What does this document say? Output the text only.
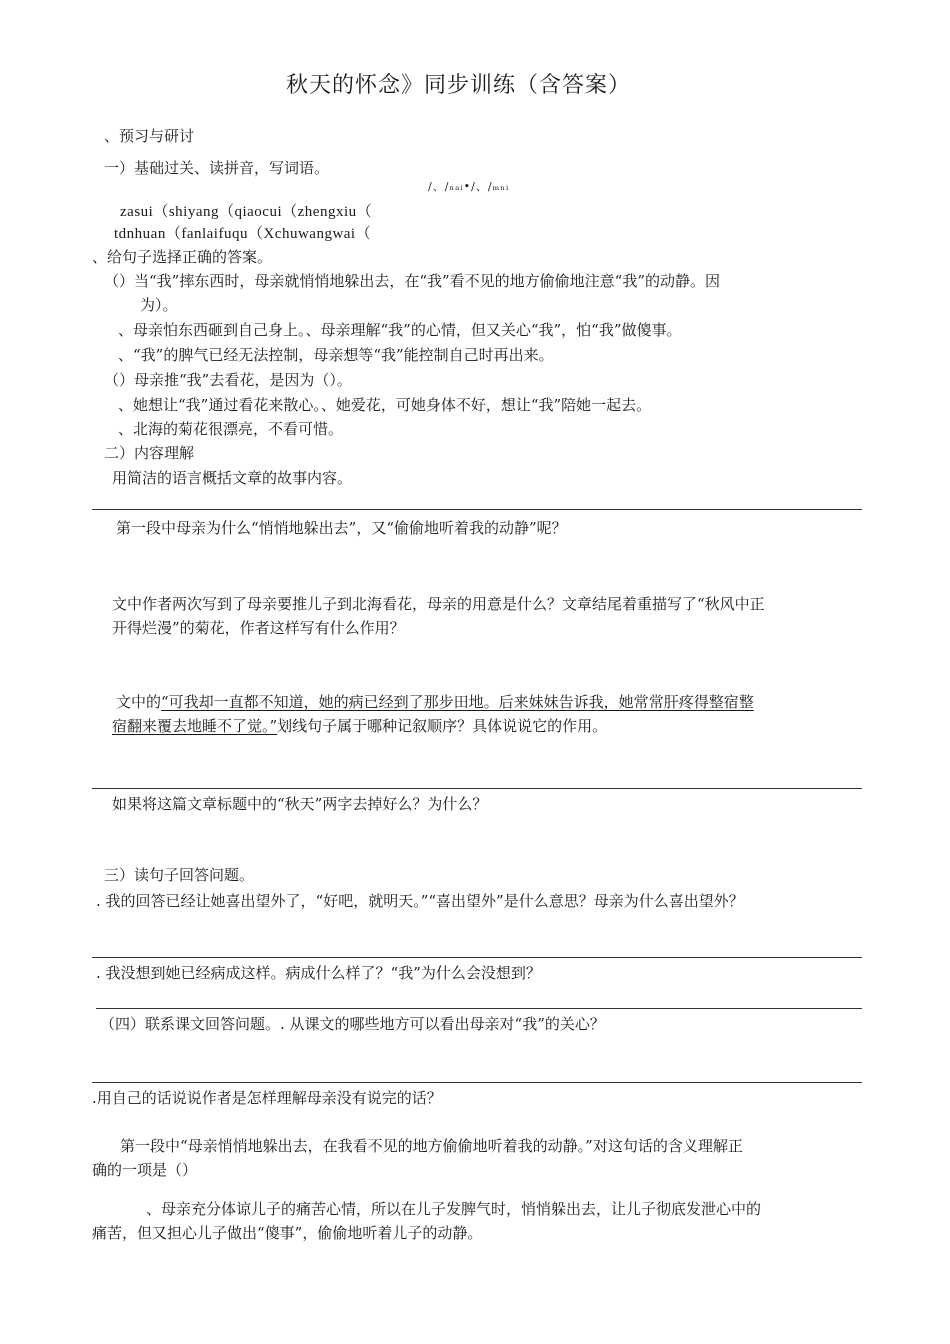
秋天的怀念》同步训练（含答案）
、预习与研讨
一）基础过关、读拼音，写词语。
/、/ₙₐᵢ•/、/ₘₙᵢ
zasui（shiyang（qiaocui（zhengxiu（
tdnhuan（fanlaifuqu（Xchuwangwai（
、给句子选择正确的答案。
（）当“我”摔东西时，母亲就悄悄地躲出去，在“我”看不见的地方偷偷地注意“我”的动静。因
为）。
、母亲怕东西砸到自己身上。、母亲理解“我”的心情，但又关心“我”，怕“我”做傻事。
、“我”的脾气已经无法控制，母亲想等“我”能控制自己时再出来。
（）母亲推“我”去看花，是因为（）。
、她想让“我”通过看花来散心。、她爱花，可她身体不好，想让“我”陪她一起去。
、北海的菊花很漂亮，不看可惜。
二）内容理解
用简洁的语言概括文章的故事内容。
第一段中母亲为什么“悄悄地躲出去”，又“偷偷地听着我的动静”呢？
文中作者两次写到了母亲要推儿子到北海看花，母亲的用意是什么？文章结尾着重描写了“秋风中正
开得烂漫”的菊花，作者这样写有什么作用？
文中的“可我却一直都不知道，她的病已经到了那步田地。后来妹妹告诉我，她常常肝疼得整宿整
宿翻来覆去地睡不了觉。”划线句子属于哪种记叙顺序？具体说说它的作用。
如果将这篇文章标题中的“秋天”两字去掉好么？为什么？
三）读句子回答问题。
. 我的回答已经让她喜出望外了，“好吧，就明天。”“喜出望外”是什么意思？母亲为什么喜出望外？
. 我没想到她已经病成这样。病成什么样了？“我”为什么会没想到？
（四）联系课文回答问题。. 从课文的哪些地方可以看出母亲对“我”的关心？
.用自己的话说说作者是怎样理解母亲没有说完的话？
第一段中“母亲悄悄地躲出去，在我看不见的地方偷偷地听着我的动静。”对这句话的含义理解正
确的一项是（）
、母亲充分体谅儿子的痛苦心情，所以在儿子发脾气时，悄悄躲出去，让儿子彻底发泄心中的
痛苦，但又担心儿子做出“傻事”，偷偷地听着儿子的动静。
